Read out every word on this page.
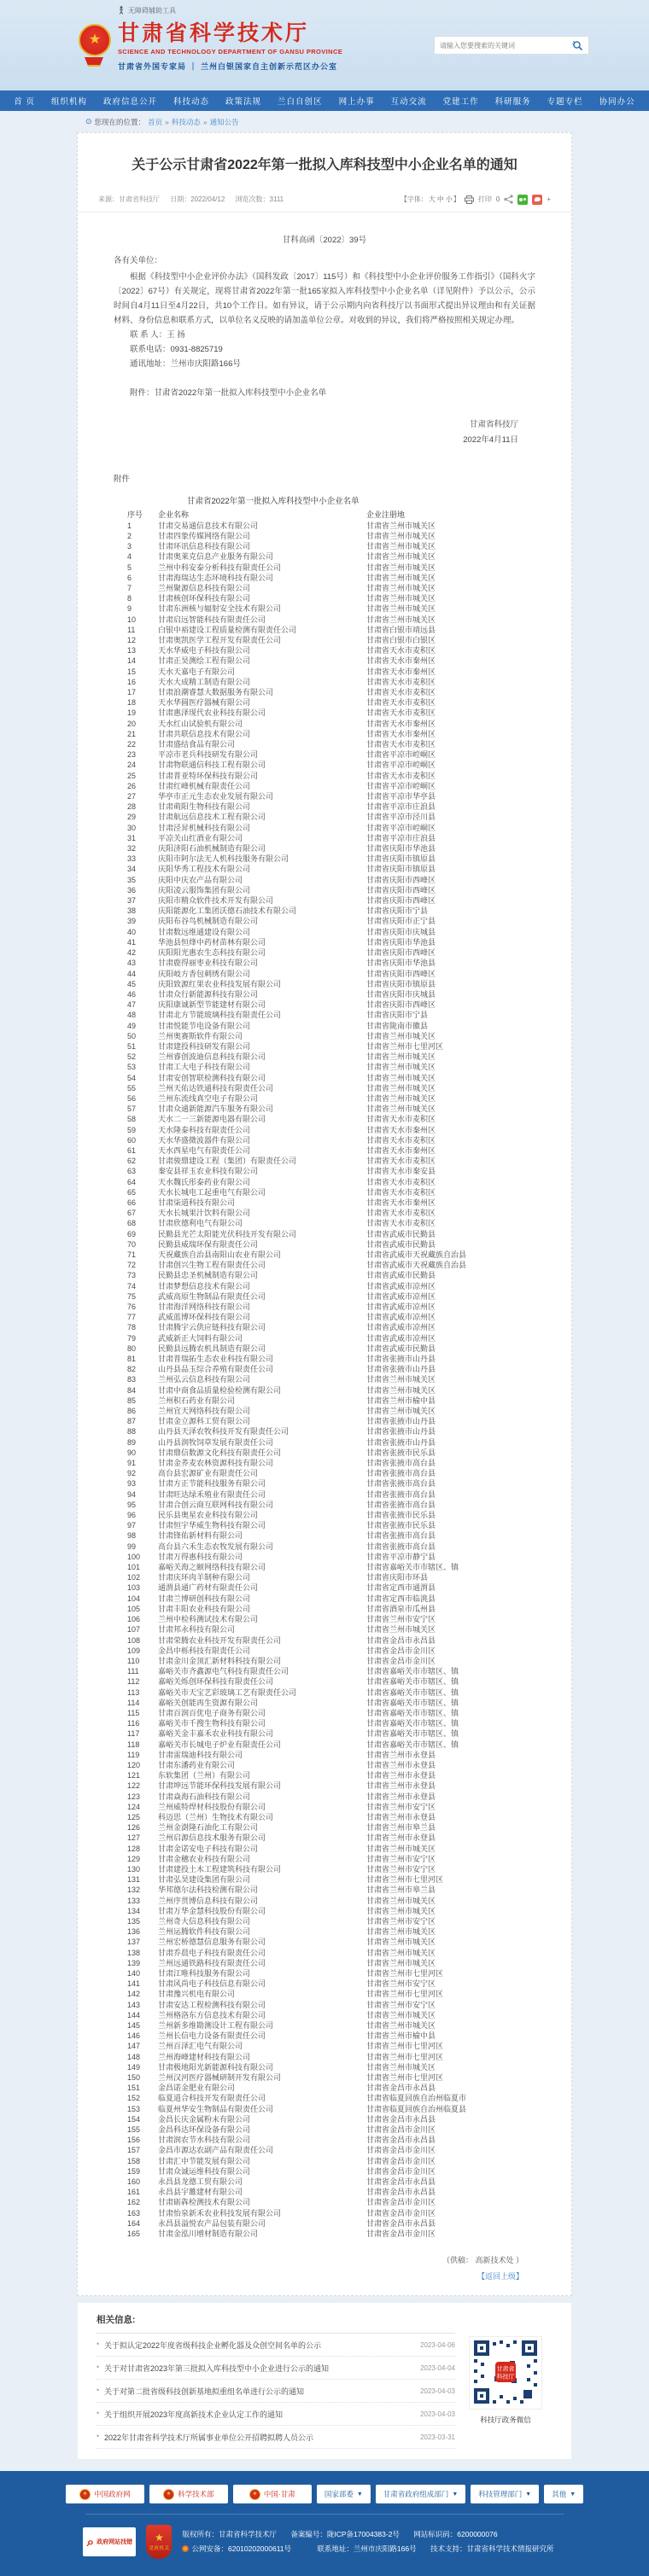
无障碍辅助工具
★ 甘肃省科学技术厅
SCIENCE AND TECHNOLOGY DEPARTMENT OF GANSU PROVINCE
甘肃省外国专家局 ｜ 兰州白银国家自主创新示范区办公室
请输入您要搜索的关键词
首 页 组织机构 政府信息公开 科技动态 政策法规 兰白自创区 网上办事 互动交流 党建工作 科研服务 专题专栏 协同办公
⊙ 您现在的位置： 首页 » 科技动态 » 通知公告
关于公示甘肃省2022年第一批拟入库科技型中小企业名单的通知
来源：甘肃省科技厅 日期：2022/04/12 浏览次数：3111	【字体：大 中 小】	打印 0	+
甘科高函〔2022〕39号

各有关单位：

根据《科技型中小企业评价办法》（国科发政〔2017〕115号）和《科技型中小企业评价服务工作指引》（国科火字〔2022〕67号）有关规定，现将甘肃省2022年第一批165家拟入库科技型中小企业名单（详见附件）予以公示，公示时间自4月11日至4月22日，共10个工作日。如有异议，请于公示期内向省科技厅以书面形式提出异议理由和有关证据材料、身份信息和联系方式，以单位名义反映的请加盖单位公章。对收到的异议，我们将严格按照相关规定办理。

联 系 人：王 扬

联系电话：0931-8825719

通讯地址：兰州市庆阳路166号

附件：甘肃省2022年第一批拟入库科技型中小企业名单

甘肃省科技厅
2022年4月11日
附件
甘肃省2022年第一批拟入库科技型中小企业名单
序号	企业名称	企业注册地
1	甘肃交易通信息技术有限公司	甘肃省兰州市城关区
2	甘肃四象传媒网络有限公司	甘肃省兰州市城关区
3	甘肃环讯信息科技有限公司	甘肃省兰州市城关区
4	甘肃奥莱克信息产业服务有限公司	甘肃省兰州市城关区
5	兰州中科安泰分析科技有限责任公司	甘肃省兰州市城关区
6	甘肃海瑞达生态环境科技有限公司	甘肃省兰州市城关区
7	兰州聚源信息科技有限公司	甘肃省兰州市城关区
8	甘肃核创环保科技有限公司	甘肃省兰州市城关区
9	甘肃东洲核与辐射安全技术有限公司	甘肃省兰州市城关区
10	甘肃启远智能科技有限责任公司	甘肃省兰州市城关区
11	白银中裕建设工程质量检测有限责任公司	甘肃省白银市靖远县
12	甘肃奥凯医学工程开发有限责任公司	甘肃省白银市白银区
13	天水华威电子科技有限公司	甘肃省天水市麦积区
14	甘肃正昊测绘工程有限公司	甘肃省天水市秦州区
15	天水天嘉电子有限公司	甘肃省天水市秦州区
16	天水大成精工制造有限公司	甘肃省天水市麦积区
17	甘肃浪潮睿慧大数据服务有限公司	甘肃省天水市麦积区
18	天水华圆医疗器械有限公司	甘肃省天水市麦积区
19	甘肃惠泽现代农业科技有限公司	甘肃省天水市麦积区
20	天水红山试验机有限公司	甘肃省天水市秦州区
21	甘肃共联信息技术有限公司	甘肃省天水市秦州区
22	甘肃盛结食品有限公司	甘肃省天水市麦积区
23	平凉市老兵科技研发有限公司	甘肃省平凉市崆峒区
24	甘肃物联通信科技工程有限公司	甘肃省平凉市崆峒区
25	甘肃普亚特环保科技有限公司	甘肃省天水市麦积区
26	甘肃红峰机械有限责任公司	甘肃省平凉市崆峒区
27	华亭市正元生态农业发展有限公司	甘肃省平凉市华亭县
28	甘肃萌阳生物科技有限公司	甘肃省平凉市庄浪县
29	甘肃航远信息技术工程有限公司	甘肃省平凉市泾川县
30	甘肃泾昇机械科技有限公司	甘肃省平凉市崆峒区
31	平凉关山红酒业有限公司	甘肃省平凉市庄浪县
32	庆阳济阳石油机械制造有限公司	甘肃省庆阳市华池县
33	庆阳市阿尔法无人机科技服务有限公司	甘肃省庆阳市镇原县
34	庆阳华秀工程技术有限公司	甘肃省庆阳市镇原县
35	庆阳中庆农产品有限公司	甘肃省庆阳市西峰区
36	庆阳凌云服饰集团有限公司	甘肃省庆阳市西峰区
37	庆阳市精众软件技术开发有限公司	甘肃省庆阳市西峰区
38	庆阳能源化工集团沃德石油技术有限公司	甘肃省庆阳市宁县
39	庆阳布谷鸟机械制造有限公司	甘肃省庆阳市正宁县
40	甘肃数远维通建设有限公司	甘肃省庆阳市庆城县
41	华池县恒烽中药材苗林有限公司	甘肃省庆阳市华池县
42	庆阳阳光惠农生态科技有限公司	甘肃省庆阳市西峰区
43	甘肃鹿得丽枣业科技有限公司	甘肃省庆阳市华池县
44	庆阳岐方香包刺绣有限公司	甘肃省庆阳市西峰区
45	庆阳致源红果农业科技发展有限公司	甘肃省庆阳市镇原县
46	甘肃众行新能源科技有限公司	甘肃省庆阳市庆城县
47	庆阳康诚新型节能建材有限公司	甘肃省庆阳市西峰区
48	甘肃北方节能玻璃科技有限责任公司	甘肃省庆阳市宁县
49	甘肃悦能节电设备有限公司	甘肃省陇南市徽县
50	兰州奥赛斯软件有限公司	甘肃省兰州市城关区
51	甘肃建投科技研发有限公司	甘肃省兰州市七里河区
52	兰州睿创波迪信息科技有限公司	甘肃省兰州市城关区
53	甘肃工大电子科技有限公司	甘肃省兰州市城关区
54	甘肃安创智联检测科技有限公司	甘肃省兰州市城关区
55	兰州天佑达铁通科技有限责任公司	甘肃省兰州市城关区
56	兰州东流线真空电子有限公司	甘肃省兰州市城关区
57	甘肃众通新能源汽车服务有限公司	甘肃省兰州市城关区
58	天水二一三新能源电器有限公司	甘肃省天水市麦积区
59	天水隆泰科技有限责任公司	甘肃省天水市秦州区
60	天水华盛微波器件有限公司	甘肃省天水市麦积区
61	天水西星电气有限责任公司	甘肃省天水市秦州区
62	甘肃骏鼎建设工程（集团）有限责任公司	甘肃省天水市麦积区
63	秦安县祥玉农业科技有限公司	甘肃省天水市秦安县
64	天水魏氏彤泰药业有限公司	甘肃省天水市麦积区
65	天水长城电工起重电气有限公司	甘肃省天水市麦积区
66	甘肃柒道科技有限公司	甘肃省天水市秦州区
67	天水长城果汁饮料有限公司	甘肃省天水市麦积区
68	甘肃欣德利电气有限公司	甘肃省天水市麦积区
69	民勤县光芒太阳能光伏科技开发有限公司	甘肃省武威市民勤县
70	民勤县威瑞环保有限责任公司	甘肃省武威市民勤县
71	天祝藏族自治县南阳山农业有限公司	甘肃省武威市天祝藏族自治县
72	甘肃创兴生物工程有限责任公司	甘肃省武威市天祝藏族自治县
73	民勤县忠圣机械制造有限公司	甘肃省武威市民勤县
74	甘肃梦想信息技术有限公司	甘肃省武威市凉州区
75	武威高原生物制品有限责任公司	甘肃省武威市凉州区
76	甘肃海洋网络科技有限公司	甘肃省武威市凉州区
77	武威蓝博环保科技有限公司	甘肃省武威市凉州区
78	甘肃腾宇云供应链科技有限公司	甘肃省武威市凉州区
79	武威新正大饲料有限公司	甘肃省武威市凉州区
80	民勤县远腾农机具制造有限公司	甘肃省武威市民勤县
81	甘肃普瑞拓生态农业科技有限公司	甘肃省张掖市山丹县
82	山丹县品玉综合养殖有限责任公司	甘肃省张掖市山丹县
83	兰州弘云信息科技有限公司	甘肃省兰州市城关区
84	甘肃中商食品质量检验检测有限公司	甘肃省兰州市城关区
85	兰州积石药业有限公司	甘肃省兰州市榆中县
86	兰州宜天网络科技有限公司	甘肃省兰州市城关区
87	甘肃金立源科工贸有限公司	甘肃省张掖市山丹县
88	山丹县天泽农牧科技开发有限责任公司	甘肃省张掖市山丹县
89	山丹县润牧饲草发展有限责任公司	甘肃省张掖市山丹县
90	甘肃鼎信数源文化科技有限责任公司	甘肃省张掖市民乐县
91	甘肃金荞麦农林资源科技有限公司	甘肃省张掖市高台县
92	高台县宏源矿业有限责任公司	甘肃省张掖市高台县
93	甘肃方正节能科技服务有限公司	甘肃省张掖市高台县
94	甘肃旺达绿禾殖业有限责任公司	甘肃省张掖市高台县
95	甘肃合创云商互联网科技有限公司	甘肃省张掖市高台县
96	民乐县奥星农业科技有限公司	甘肃省张掖市民乐县
97	甘肃恒宇华威生物科技有限公司	甘肃省张掖市民乐县
98	甘肃锋佑新材料有限公司	甘肃省张掖市高台县
99	高台县六禾生态农牧发展有限公司	甘肃省张掖市高台县
100	甘肃万得惠科技有限公司	甘肃省平凉市静宁县
101	嘉峪关海之颐网络科技有限公司	甘肃省嘉峪关市市辖区、镇
102	甘肃庆环肉羊制种有限公司	甘肃省庆阳市环县
103	通渭县通广药材有限责任公司	甘肃省定西市通渭县
104	甘肃兰博研创科技有限公司	甘肃省定西市临洮县
105	甘肃丰阳农业科技有限公司	甘肃省酒泉市瓜州县
106	兰州中检科测试技术有限公司	甘肃省兰州市安宁区
107	甘肃邦永科技有限公司	甘肃省兰州市城关区
108	甘肃荣腾农业科技开发有限责任公司	甘肃省金昌市永昌县
109	金昌中栎科技有限责任公司	甘肃省金昌市金川区
110	甘肃金川金顶汇新材料科技有限公司	甘肃省金昌市金川区
111	嘉峪关市齐鑫源电气科技有限责任公司	甘肃省嘉峪关市市辖区、镇
112	嘉峪关烁创环保科技有限责任公司	甘肃省嘉峪关市市辖区、镇
113	嘉峪关市天宝艺彩玻璃工艺有限责任公司	甘肃省嘉峪关市市辖区、镇
114	嘉峪关创能再生资源有限公司	甘肃省嘉峪关市市辖区、镇
115	甘肃百润百优电子商务有限公司	甘肃省嘉峪关市市辖区、镇
116	嘉峪关市千搜生物科技有限公司	甘肃省嘉峪关市市辖区、镇
117	嘉峪关金丰嘉禾农业科技有限公司	甘肃省嘉峪关市市辖区、镇
118	嘉峪关市长城电子炉业有限责任公司	甘肃省嘉峪关市市辖区、镇
119	甘肃雷瑞迪科技有限公司	甘肃省兰州市永登县
120	甘肃东潘药业有限公司	甘肃省兰州市永登县
121	东软集团（兰州）有限公司	甘肃省兰州市永登县
122	甘肃坤远节能环保科技发展有限公司	甘肃省兰州市永登县
123	甘肃焱海石油科技有限公司	甘肃省兰州市永登县
124	兰州威特焊材科技股份有限公司	甘肃省兰州市安宁区
125	科迈思（兰州）生物技术有限公司	甘肃省兰州市永登县
126	兰州金澍隆石油化工有限公司	甘肃省兰州市皋兰县
127	兰州启源信息技术服务有限公司	甘肃省兰州市永登县
128	甘肃金诺安电子科技有限公司	甘肃省兰州市城关区
129	甘肃金穗农业科技有限公司	甘肃省兰州市安宁区
130	甘肃建投土木工程建筑科技有限公司	甘肃省兰州市安宁区
131	甘肃弘昊建设集团有限公司	甘肃省兰州市七里河区
132	华邦德尔法科技检测有限公司	甘肃省兰州市皋兰县
133	兰州序贯博信息科技有限公司	甘肃省兰州市城关区
134	甘肃万华金慧科技股份有限公司	甘肃省兰州市城关区
135	兰州奇大信息科技有限公司	甘肃省兰州市安宁区
136	兰州运腾软件科技有限公司	甘肃省兰州市城关区
137	兰州宏桥德慧信息服务有限公司	甘肃省兰州市城关区
138	甘肃乔晨电子科技有限责任公司	甘肃省兰州市城关区
139	兰州远通铁路科技有限责任公司	甘肃省兰州市城关区
140	甘肃江唯科技服务有限公司	甘肃省兰州市七里河区
141	甘肃风尚电子科技信息有限公司	甘肃省兰州市安宁区
142	甘肃豫兴机电有限公司	甘肃省兰州市七里河区
143	甘肃安达工程检测科技有限公司	甘肃省兰州市安宁区
144	兰州格洛东方信息技术有限公司	甘肃省兰州市城关区
145	兰州新多维勘测设计工程有限公司	甘肃省兰州市城关区
146	兰州长信电力设备有限责任公司	甘肃省兰州市榆中县
147	兰州百泽汇电气有限公司	甘肃省兰州市七里河区
148	兰州海峰建材科技有限公司	甘肃省兰州市七里河区
149	甘肃极地阳光新能源科技有限公司	甘肃省兰州市城关区
150	兰州汉河医疗器械研制开发有限公司	甘肃省兰州市七里河区
151	金昌诺金肥业有限公司	甘肃省金昌市永昌县
152	临夏道合科技开发有限责任公司	甘肃省临夏回族自治州临夏市
153	临夏州华安生物制品有限责任公司	甘肃省临夏回族自治州临夏县
154	金昌长庆金属粉末有限公司	甘肃省金昌市永昌县
155	金昌科达环保设备有限公司	甘肃省金昌市金川区
156	甘肃润农节水科技有限公司	甘肃省金昌市永昌县
157	金昌市源达农副产品有限责任公司	甘肃省金昌市金川区
158	甘肃汇中节能发展有限公司	甘肃省金昌市金川区
159	甘肃众诚运维科技有限公司	甘肃省金昌市金川区
160	永昌县龙德工贸有限公司	甘肃省金昌市永昌县
161	永昌县宇雒建材有限公司	甘肃省金昌市永昌县
162	甘肃砺犇检测技术有限公司	甘肃省金昌市金川区
163	甘肃怡泉新禾农业科技发展有限公司	甘肃省金昌市金川区
164	永昌县溢悦农产品包装有限公司	甘肃省金昌市永昌县
165	甘肃金泓川增材制造有限公司	甘肃省金昌市金川区
（供稿： 高新技术处 ）
【返回上级】
相关信息:
• 关于拟认定2022年度省级科技企业孵化器及众创空间名单的公示	2023-04-06
• 关于对甘肃省2023年第三批拟入库科技型中小企业进行公示的通知	2023-04-04
• 关于对第二批省级科技创新基地拟重组名单进行公示的通知	2023-04-03
• 关于组织开展2023年度高新技术企业认定工作的通知	2023-04-03
• 2022年甘肃省科学技术厅所属事业单位公开招聘拟聘人员公示	2023-03-31
甘肃省
科技厅
科技厅政务微信
★ 中国政府网	★ 科学技术部	★ 中国·甘肃	国家部委 ▼	甘肃省政府组成部门 ▼	科技管理部门 ▼	其他 ▼
⌕ 政府网站找错 ★
党政机关
版权所有：甘肃省科学技术厅 备案编号：陇ICP备17004383-2号 网站标识码：6200000076
公网安备：62010202000611号	联系地址：兰州市庆阳路166号 技术支持：甘肃省科学技术情报研究所
